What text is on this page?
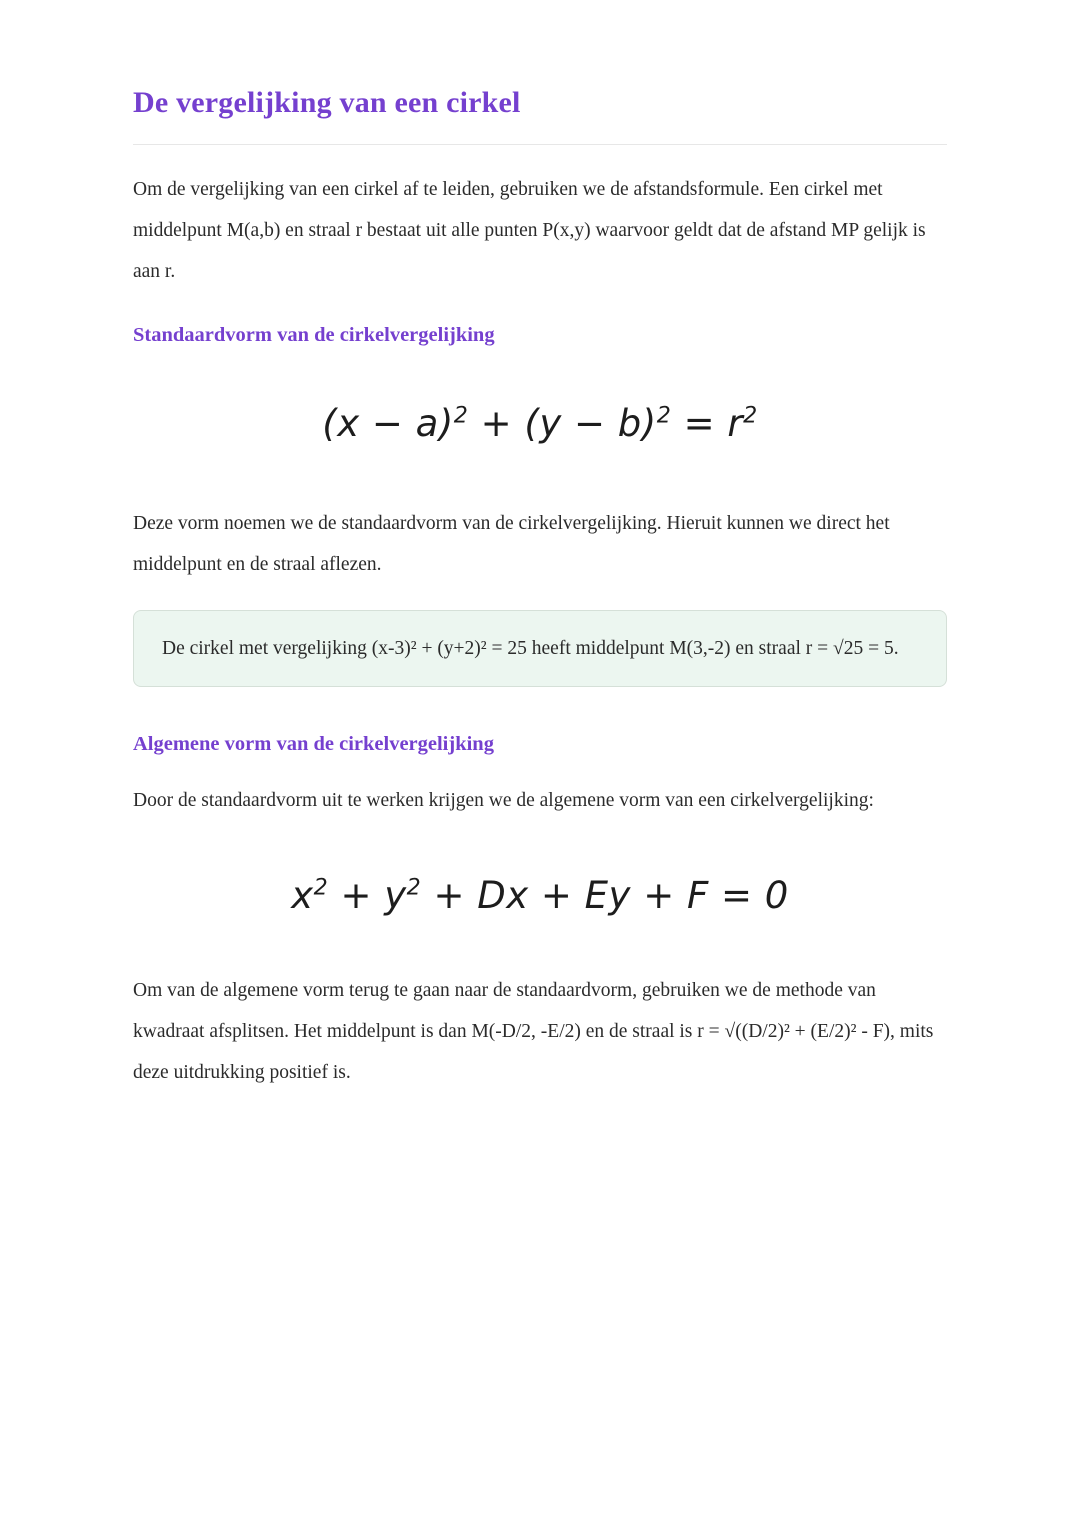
De vergelijking van een cirkel

Om de vergelijking van een cirkel af te leiden, gebruiken we de afstandsformule. Een cirkel met middelpunt M(a,b) en straal r bestaat uit alle punten P(x,y) waarvoor geldt dat de afstand MP gelijk is aan r.

Standaardvorm van de cirkelvergelijking
$(x - a)^2 + (y - b)^2 = r^2$

Deze vorm noemen we de standaardvorm van de cirkelvergelijking. Hieruit kunnen we direct het middelpunt en de straal aflezen.

De cirkel met vergelijking (x-3)² + (y+2)² = 25 heeft middelpunt M(3,-2) en straal r = √25 = 5.

Algemene vorm van de cirkelvergelijking

Door de standaardvorm uit te werken krijgen we de algemene vorm van een cirkelvergelijking:

$x^2 + y^2 + Dx + Ey + F = 0$

Om van de algemene vorm terug te gaan naar de standaardvorm, gebruiken we de methode van kwadraat afsplitsen. Het middelpunt is dan M(-D/2, -E/2) en de straal is r = √((D/2)² + (E/2)² - F), mits deze uitdrukking positief is.
